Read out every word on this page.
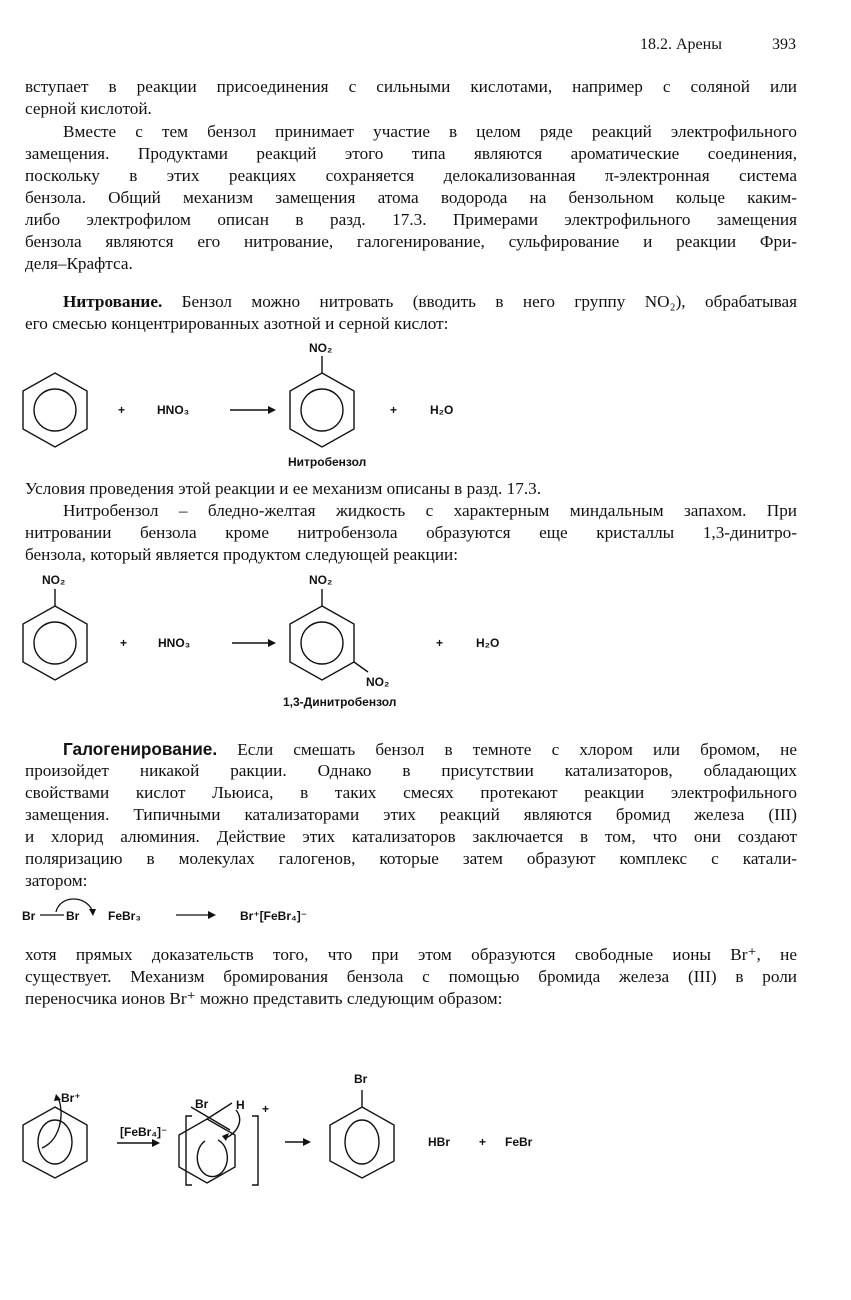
18.2. Арены	393
вступает в реакции присоединения с сильными кислотами, например с соляной или
серной кислотой.
Вместе с тем бензол принимает участие в целом ряде реакций электрофильного
замещения. Продуктами реакций этого типа являются ароматические соединения,
поскольку в этих реакциях сохраняется делокализованная π-электронная система
бензола. Общий механизм замещения атома водорода на бензольном кольце каким-
либо электрофилом описан в разд. 17.3. Примерами электрофильного замещения
бензола являются его нитрование, галогенирование, сульфирование и реакции Фри-
деля–Крафтса.
Нитрование. Бензол можно нитровать (вводить в него группу NO₂), обрабатывая
его смесью концентрированных азотной и серной кислот:
Условия проведения этой реакции и ее механизм описаны в разд. 17.3.
Нитробензол – бледно-желтая жидкость с характерным миндальным запахом. При
нитровании бензола кроме нитробензола образуются еще кристаллы 1,3-динитро-
бензола, который является продуктом следующей реакции:
Галогенирование. Если смешать бензол в темноте с хлором или бромом, не
произойдет никакой ракции. Однако в присутствии катализаторов, обладающих
свойствами кислот Льюиса, в таких смесях протекают реакции электрофильного
замещения. Типичными катализаторами этих реакций являются бромид железа (III)
и хлорид алюминия. Действие этих катализаторов заключается в том, что они создают
поляризацию в молекулах галогенов, которые затем образуют комплекс с катали-
затором:
хотя прямых доказательств того, что при этом образуются свободные ионы Br⁺, не
существует. Механизм бромирования бензола с помощью бромида железа (III) в роли
переносчика ионов Br⁺ можно представить следующим образом:
NO₂
+	HNO₃	+	H₂O
Нитробензол
NO₂
+	HNO₃
NO₂
NO₂
+	H₂O
1,3-Динитробензол
Br	Br FeBr₃	Br⁺[FeBr₄]⁻
Br⁺
[FeBr₄]⁻
Br H +
Br
HBr + FeBr
